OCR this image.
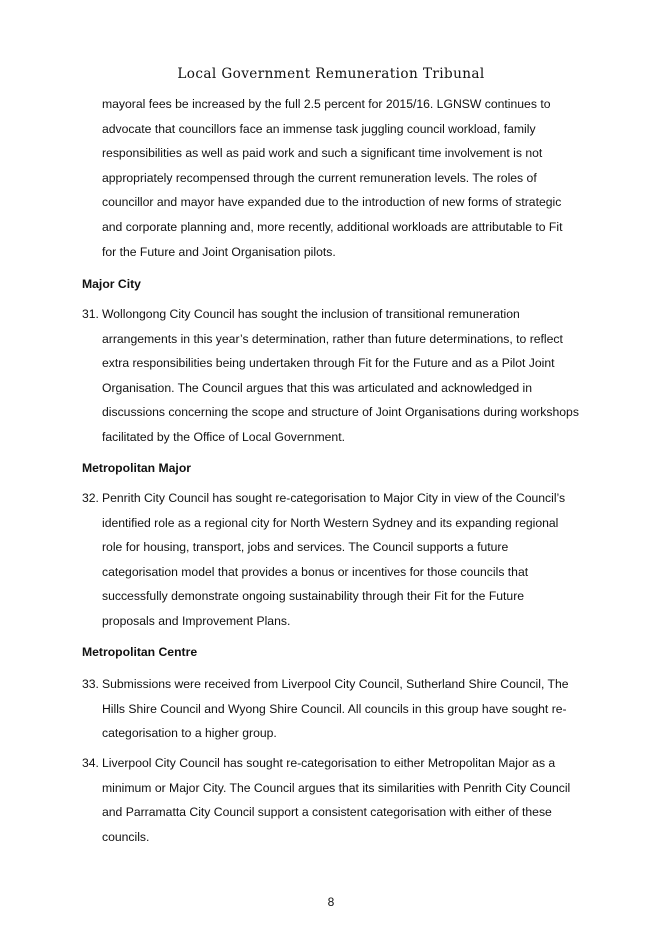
Local Government Remuneration Tribunal

mayoral fees be increased by the full 2.5 percent for 2015/16. LGNSW continues to advocate that councillors face an immense task juggling council workload, family responsibilities as well as paid work and such a significant time involvement is not appropriately recompensed through the current remuneration levels. The roles of councillor and mayor have expanded due to the introduction of new forms of strategic and corporate planning and, more recently, additional workloads are attributable to Fit for the Future and Joint Organisation pilots.

Major City

31. Wollongong City Council has sought the inclusion of transitional remuneration arrangements in this year’s determination, rather than future determinations, to reflect extra responsibilities being undertaken through Fit for the Future and as a Pilot Joint Organisation. The Council argues that this was articulated and acknowledged in discussions concerning the scope and structure of Joint Organisations during workshops facilitated by the Office of Local Government.

Metropolitan Major

32. Penrith City Council has sought re-categorisation to Major City in view of the Council’s identified role as a regional city for North Western Sydney and its expanding regional role for housing, transport, jobs and services. The Council supports a future categorisation model that provides a bonus or incentives for those councils that successfully demonstrate ongoing sustainability through their Fit for the Future proposals and Improvement Plans.

Metropolitan Centre

33. Submissions were received from Liverpool City Council, Sutherland Shire Council, The Hills Shire Council and Wyong Shire Council. All councils in this group have sought re-categorisation to a higher group.

34. Liverpool City Council has sought re-categorisation to either Metropolitan Major as a minimum or Major City. The Council argues that its similarities with Penrith City Council and Parramatta City Council support a consistent categorisation with either of these councils.

8
